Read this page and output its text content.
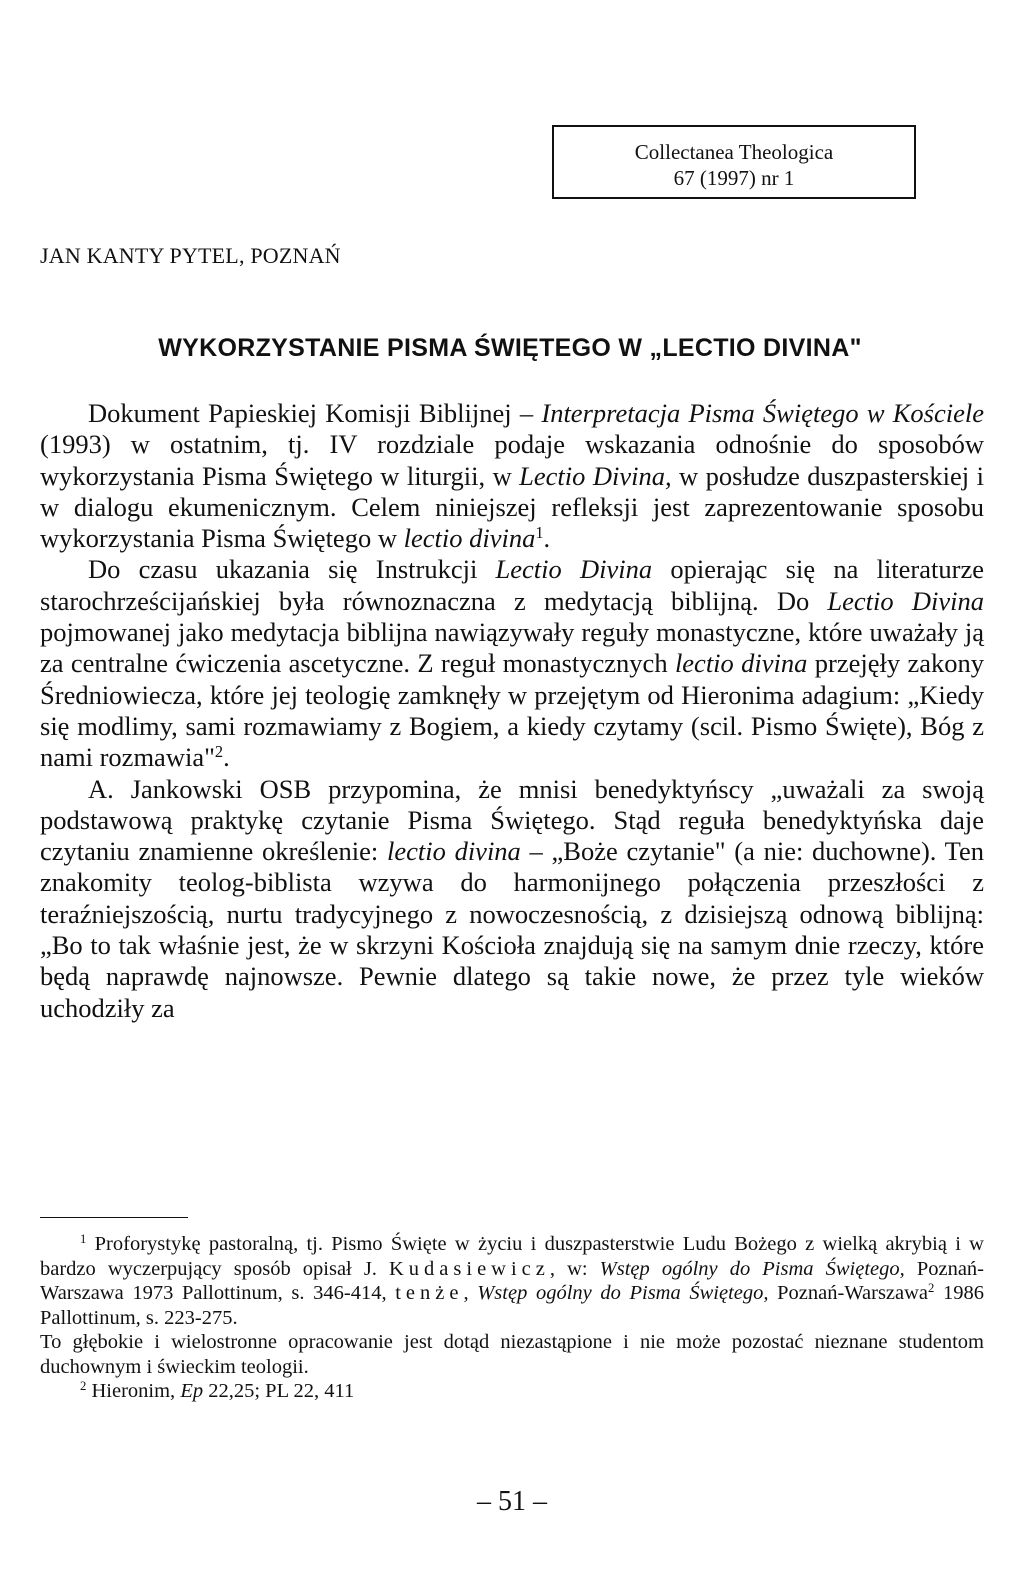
Collectanea Theologica
67 (1997) nr 1
JAN KANTY PYTEL, POZNAŃ
WYKORZYSTANIE PISMA ŚWIĘTEGO W „LECTIO DIVINA"

Dokument Papieskiej Komisji Biblijnej – Interpretacja Pisma Świętego w Kościele (1993) w ostatnim, tj. IV rozdziale podaje wskazania odnośnie do sposobów wykorzystania Pisma Świętego w liturgii, w Lectio Divina, w posłudze duszpasterskiej i w dialogu ekumenicznym. Celem niniejszej refleksji jest zaprezentowanie sposobu wykorzystania Pisma Świętego w lectio divina$^1$.

Do czasu ukazania się Instrukcji Lectio Divina opierając się na literaturze starochrześcijańskiej była równoznaczna z medytacją biblijną. Do Lectio Divina pojmowanej jako medytacja biblijna nawiązywały reguły monastyczne, które uważały ją za centralne ćwiczenia ascetyczne. Z reguł monastycznych lectio divina przejęły zakony Średniowiecza, które jej teologię zamknęły w przejętym od Hieronima adagium: „Kiedy się modlimy, sami rozmawiamy z Bogiem, a kiedy czytamy (scil. Pismo Święte), Bóg z nami rozmawia"$^2$.

A. Jankowski OSB przypomina, że mnisi benedyktyńscy „uważali za swoją podstawową praktykę czytanie Pisma Świętego. Stąd reguła benedyktyńska daje czytaniu znamienne określenie: lectio divina – „Boże czytanie" (a nie: duchowne). Ten znakomity teolog-biblista wzywa do harmonijnego połączenia przeszłości z teraźniejszością, nurtu tradycyjnego z nowoczesnością, z dzisiejszą odnową biblijną: „Bo to tak właśnie jest, że w skrzyni Kościoła znajdują się na samym dnie rzeczy, które będą naprawdę najnowsze. Pewnie dlatego są takie nowe, że przez tyle wieków uchodziły za

$^1$ Proforystykę pastoralną, tj. Pismo Święte w życiu i duszpasterstwie Ludu Bożego z wielką akrybią i w bardzo wyczerpujący sposób opisał J. Kudasiewicz, w: Wstęp ogólny do Pisma Świętego, Poznań-Warszawa 1973 Pallottinum, s. 346-414, tenże, Wstęp ogólny do Pisma Świętego, Poznań-Warszawa$^2$ 1986 Pallottinum, s. 223-275.

To głębokie i wielostronne opracowanie jest dotąd niezastąpione i nie może pozostać nieznane studentom duchownym i świeckim teologii.

$^2$ Hieronim, Ep 22,25; PL 22, 411

– 51 –
